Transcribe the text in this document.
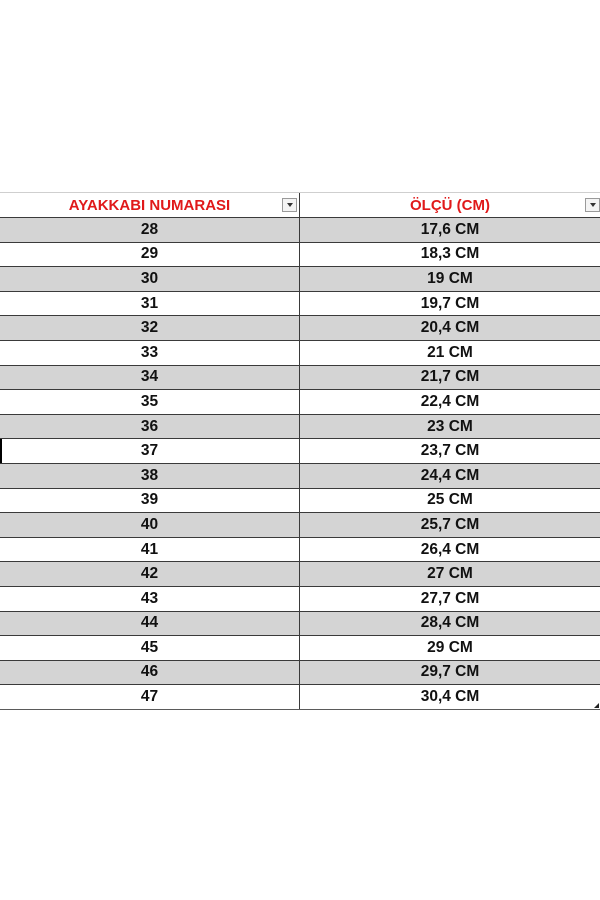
AYAKKABI NUMARASI	ÖLÇÜ (CM)
28	17,6 CM
29	18,3 CM
30	19 CM
31	19,7 CM
32	20,4 CM
33	21 CM
34	21,7 CM
35	22,4 CM
36	23 CM
37	23,7 CM
38	24,4 CM
39	25 CM
40	25,7 CM
41	26,4 CM
42	27 CM
43	27,7 CM
44	28,4 CM
45	29 CM
46	29,7 CM
47	30,4 CM
